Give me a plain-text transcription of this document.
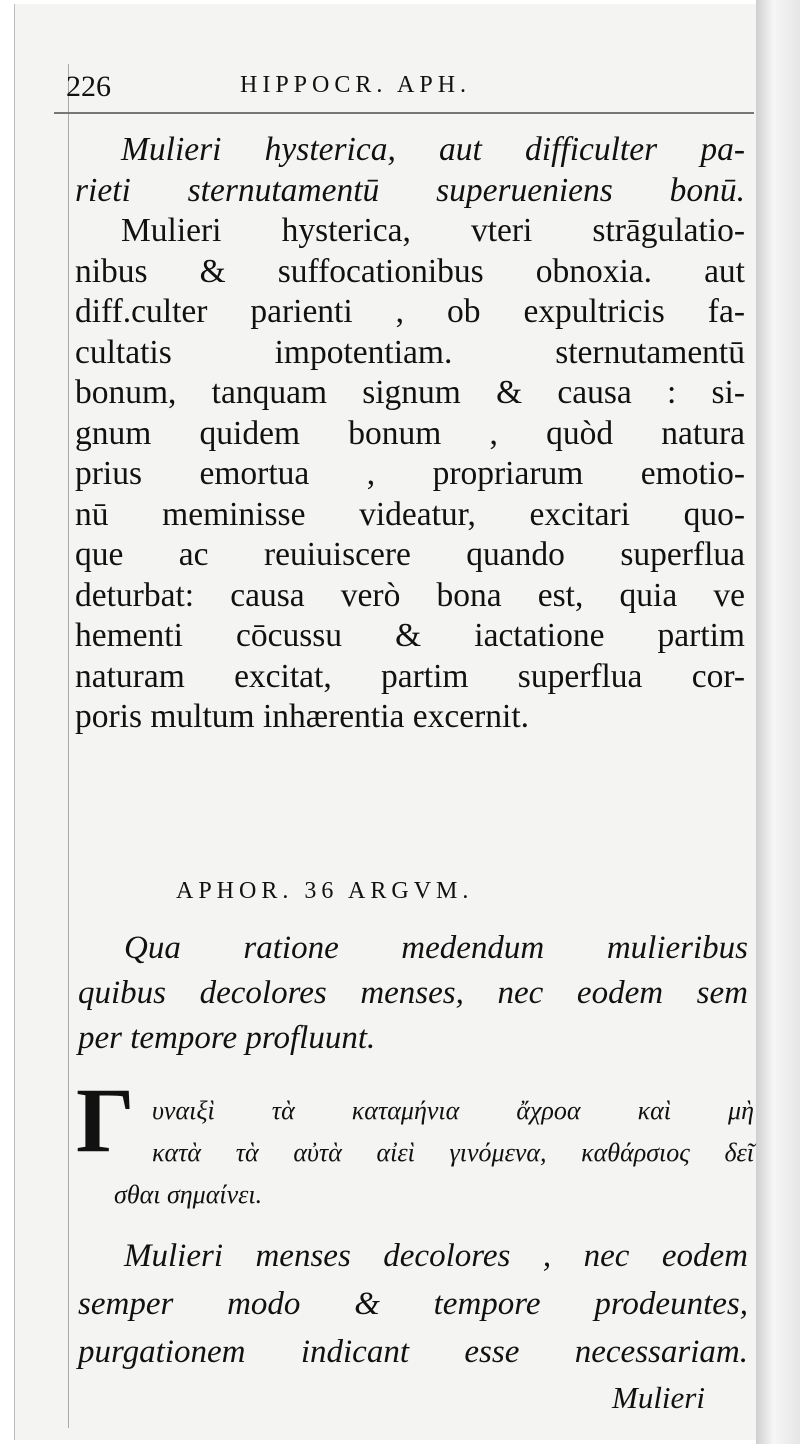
226	HIPPOCR. APH.
Mulieri hysterica, aut difficulter pa-
rieti sternutamentū superueniens bonū.
Mulieri hysterica, vteri strāgulatio-
nibus & suffocationibus obnoxia. aut
diff.culter parienti , ob expultricis fa-
cultatis impotentiam. sternutamentū
bonum, tanquam signum & causa : si-
gnum quidem bonum , quòd natura
prius emortua , propriarum emotio-
nū meminisse videatur, excitari quo-
que ac reuiuiscere quando superflua
deturbat: causa verò bona est, quia ve
hementi cōcussu & iactatione partim
naturam excitat, partim superflua cor-
poris multum inhærentia excernit.
APHOR. 36 ARGVM.
Qua ratione medendum mulieribus
quibus decolores menses, nec eodem sem
per tempore profluunt.
Γ υναιξὶ τὰ καταμήνια ἄχροα καὶ μὴ
κατὰ τὰ αὐτὰ αἰεὶ γινόμενα, καθάρσιος δεῖ
σθαι σημαίνει.
Mulieri menses decolores , nec eodem
semper modo & tempore prodeuntes,
purgationem indicant esse necessariam.
Mulieri
